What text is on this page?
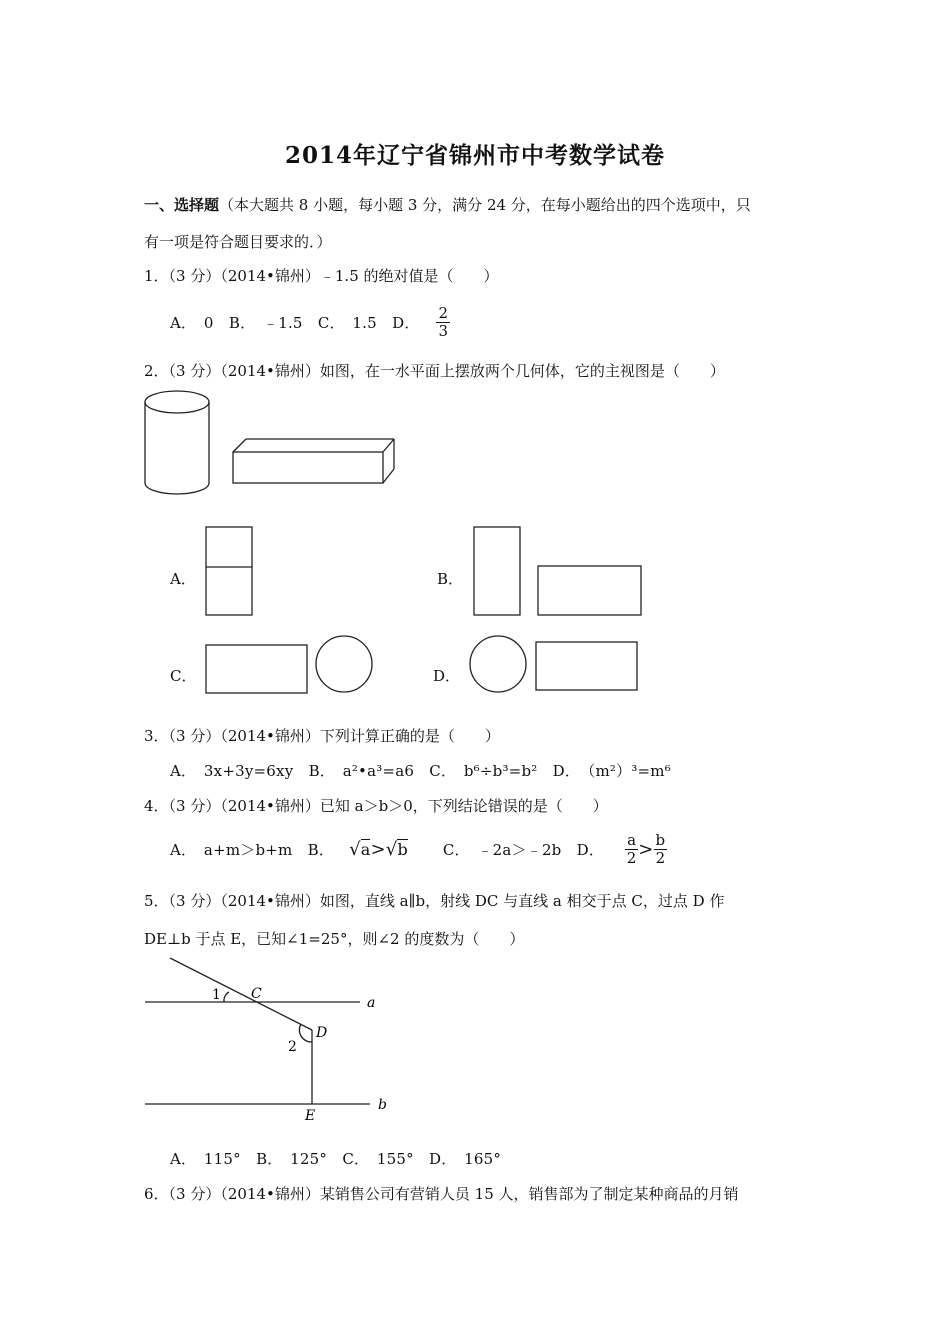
2014年辽宁省锦州市中考数学试卷
一、选择题（本大题共 8 小题，每小题 3 分，满分 24 分，在每小题给出的四个选项中，只
有一项是符合题目要求的．）
1．（3 分）（2014•锦州）﹣1.5 的绝对值是（　　）
A．　0　B．　﹣1.5　C．　1.5　D． $\frac{2}{3}$
2．（3 分）（2014•锦州）如图，在一水平面上摆放两个几何体，它的主视图是（　　）
A．	B．
C．	D．
3．（3 分）（2014•锦州）下列计算正确的是（　　）
A．　3x+3y=6xy　B．　a²•a³=a6　C．　b⁶÷b³=b²　D．　（m²）³=m⁶
4．（3 分）（2014•锦州）已知 a＞b＞0，下列结论错误的是（　　）
A．　a+m＞b+m　B． √a>√b C．　﹣2a＞﹣2b　D． $\frac{a}{2} > \frac{b}{2}$
5．（3 分）（2014•锦州）如图，直线 a∥b，射线 DC 与直线 a 相交于点 C，过点 D 作
DE⊥b 于点 E，已知∠1=25°，则∠2 的度数为（　　）
1 C
2
D
E
a
b
A．　115°　B．　125°　C．　155°　D．　165°
6．（3 分）（2014•锦州）某销售公司有营销人员 15 人，销售部为了制定某种商品的月销
